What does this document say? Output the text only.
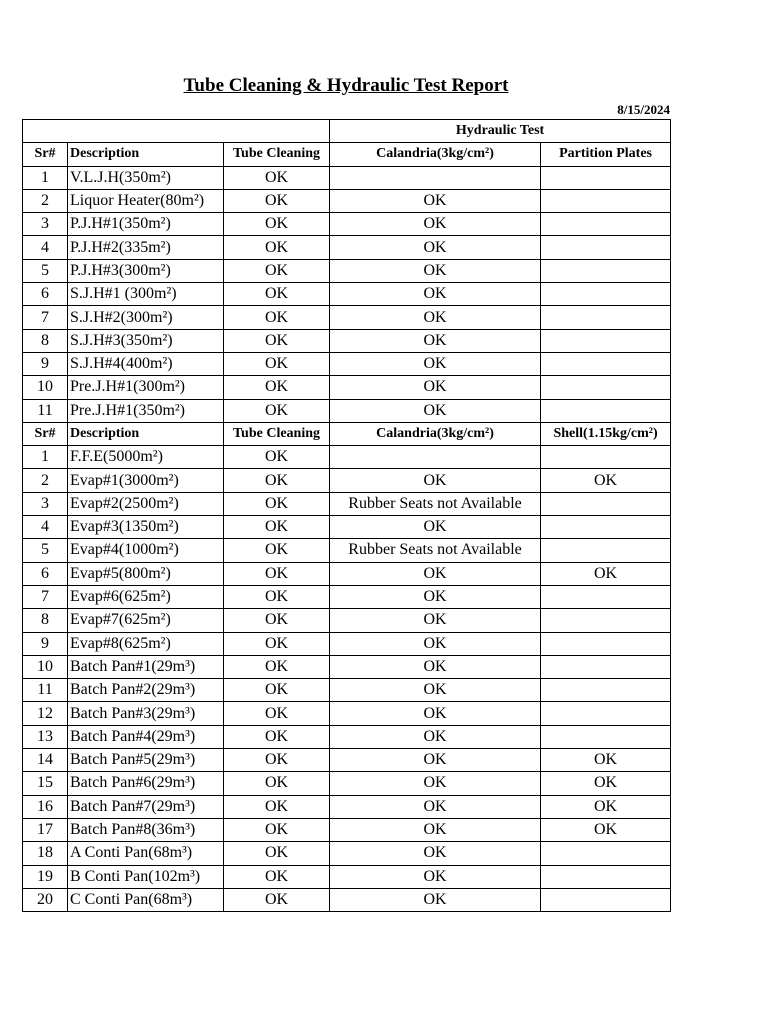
Tube Cleaning & Hydraulic Test Report
8/15/2024
			Hydraulic Test	
Sr#	Description	Tube Cleaning	Calandria(3kg/cm²)	Partition Plates
1	V.L.J.H(350m²)	OK		
2	Liquor Heater(80m²)	OK	OK	
3	P.J.H#1(350m²)	OK	OK	
4	P.J.H#2(335m²)	OK	OK	
5	P.J.H#3(300m²)	OK	OK	
6	S.J.H#1 (300m²)	OK	OK	
7	S.J.H#2(300m²)	OK	OK	
8	S.J.H#3(350m²)	OK	OK	
9	S.J.H#4(400m²)	OK	OK	
10	Pre.J.H#1(300m²)	OK	OK	
11	Pre.J.H#1(350m²)	OK	OK	
Sr#	Description	Tube Cleaning	Calandria(3kg/cm²)	Shell(1.15kg/cm²)
1	F.F.E(5000m²)	OK		
2	Evap#1(3000m²)	OK	OK	OK
3	Evap#2(2500m²)	OK	Rubber Seats not Available	
4	Evap#3(1350m²)	OK	OK	
5	Evap#4(1000m²)	OK	Rubber Seats not Available	
6	Evap#5(800m²)	OK	OK	OK
7	Evap#6(625m²)	OK	OK	
8	Evap#7(625m²)	OK	OK	
9	Evap#8(625m²)	OK	OK	
10	Batch Pan#1(29m³)	OK	OK	
11	Batch Pan#2(29m³)	OK	OK	
12	Batch Pan#3(29m³)	OK	OK	
13	Batch Pan#4(29m³)	OK	OK	
14	Batch Pan#5(29m³)	OK	OK	OK
15	Batch Pan#6(29m³)	OK	OK	OK
16	Batch Pan#7(29m³)	OK	OK	OK
17	Batch Pan#8(36m³)	OK	OK	OK
18	A Conti Pan(68m³)	OK	OK	
19	B Conti Pan(102m³)	OK	OK	
20	C Conti Pan(68m³)	OK	OK	
